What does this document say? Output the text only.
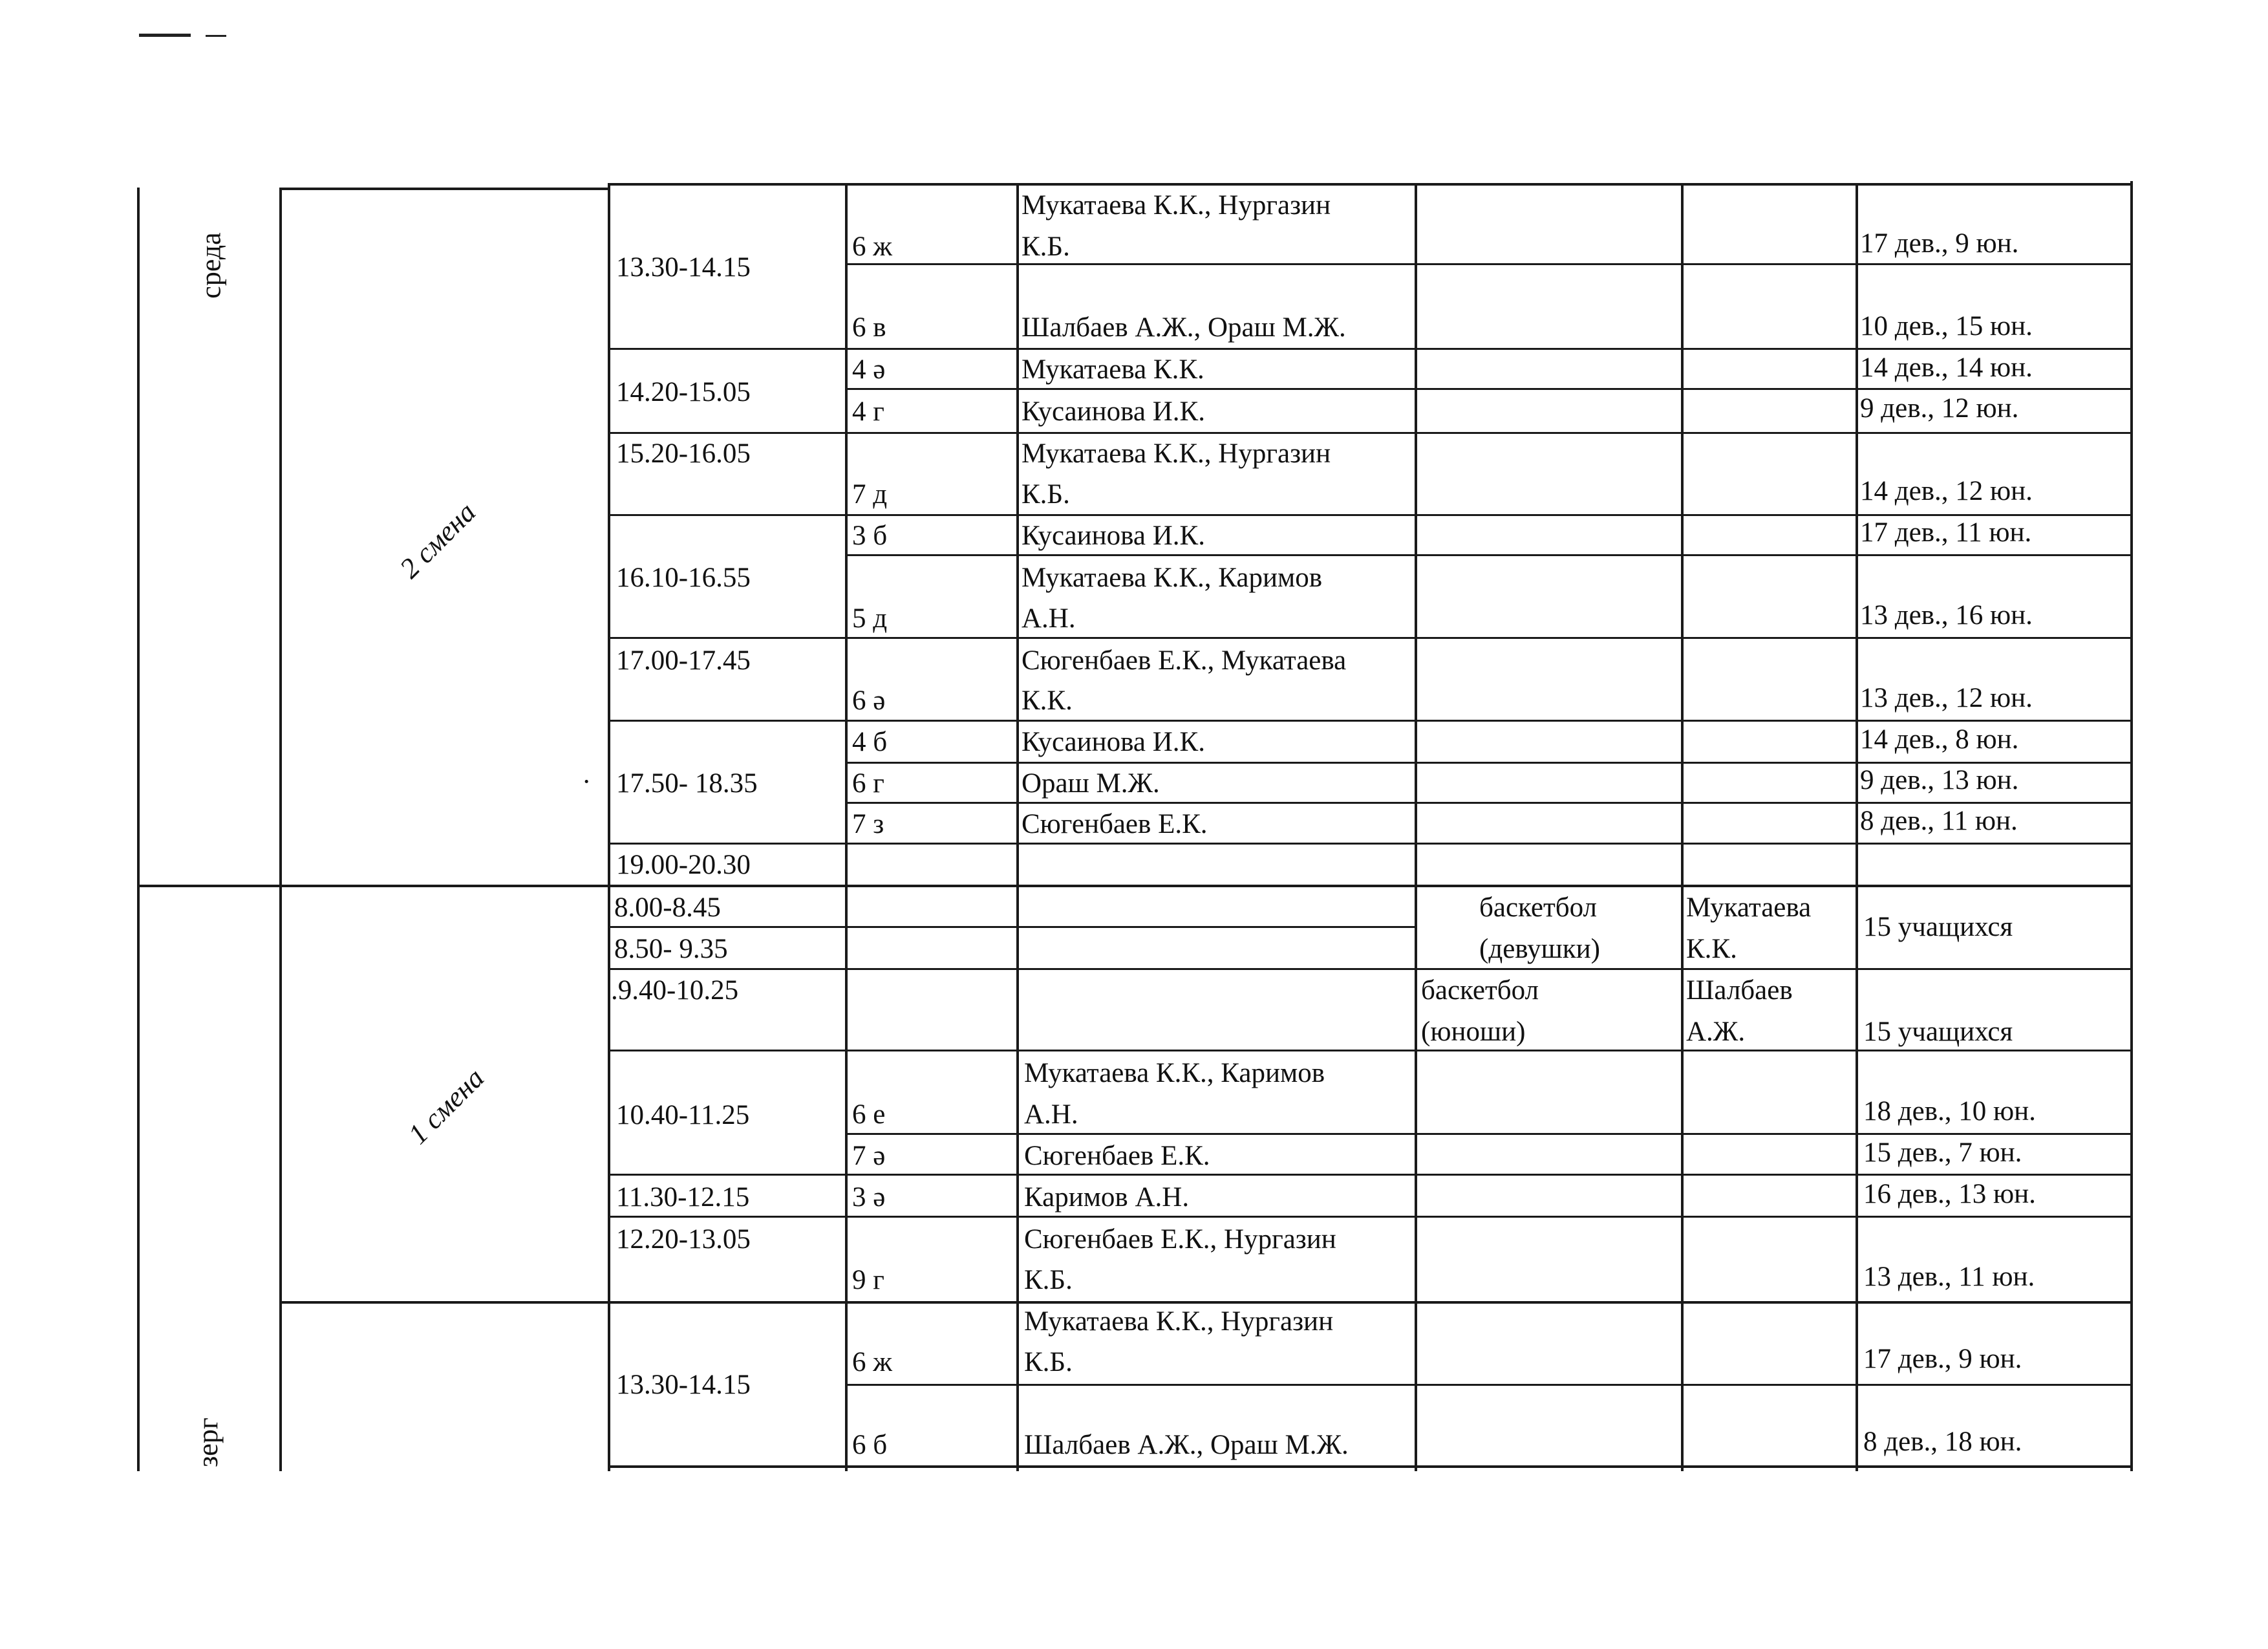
среда
зерг
2 смена
1 смена
13.30-14.15
14.20-15.05
15.20-16.05
16.10-16.55
17.00-17.45
17.50- 18.35
·
19.00-20.30
8.00-8.45
8.50- 9.35
.9.40-10.25
10.40-11.25
11.30-12.15
12.20-13.05
13.30-14.15
6 ж
6 в
4 ә
4 г
7 д
3 б
5 д
6 ә
4 б
6 г
7 з
6 е
7 ә
3 ә
9 г
6 ж
6 б
Мукатаева К.К., Нургазин
К.Б.
Шалбаев А.Ж., Ораш М.Ж.
Мукатаева К.К.
Кусаинова И.К.
Мукатаева К.К., Нургазин
К.Б.
Кусаинова И.К.
Мукатаева К.К., Каримов
А.Н.
Сюгенбаев Е.К., Мукатаева
К.К.
Кусаинова И.К.
Ораш М.Ж.
Сюгенбаев Е.К.
Мукатаева К.К., Каримов
А.Н.
Сюгенбаев Е.К.
Каримов А.Н.
Сюгенбаев Е.К., Нургазин
К.Б.
Мукатаева К.К., Нургазин
К.Б.
Шалбаев А.Ж., Ораш М.Ж.
баскетбол
(девушки)
Мукатаева
К.К.
15 учащихся
баскетбол
(юноши)
Шалбаев
А.Ж.	15 учащихся
17 дев., 9 юн.
10 дев., 15 юн.
14 дев., 14 юн.
9 дев., 12 юн.
14 дев., 12 юн.
17 дев., 11 юн.
13 дев., 16 юн.
13 дев., 12 юн.
14 дев., 8 юн.
9 дев., 13 юн.
8 дев., 11 юн.
18 дев., 10 юн.
15 дев., 7 юн.
16 дев., 13 юн.
13 дев., 11 юн.
17 дев., 9 юн.
8 дев., 18 юн.
